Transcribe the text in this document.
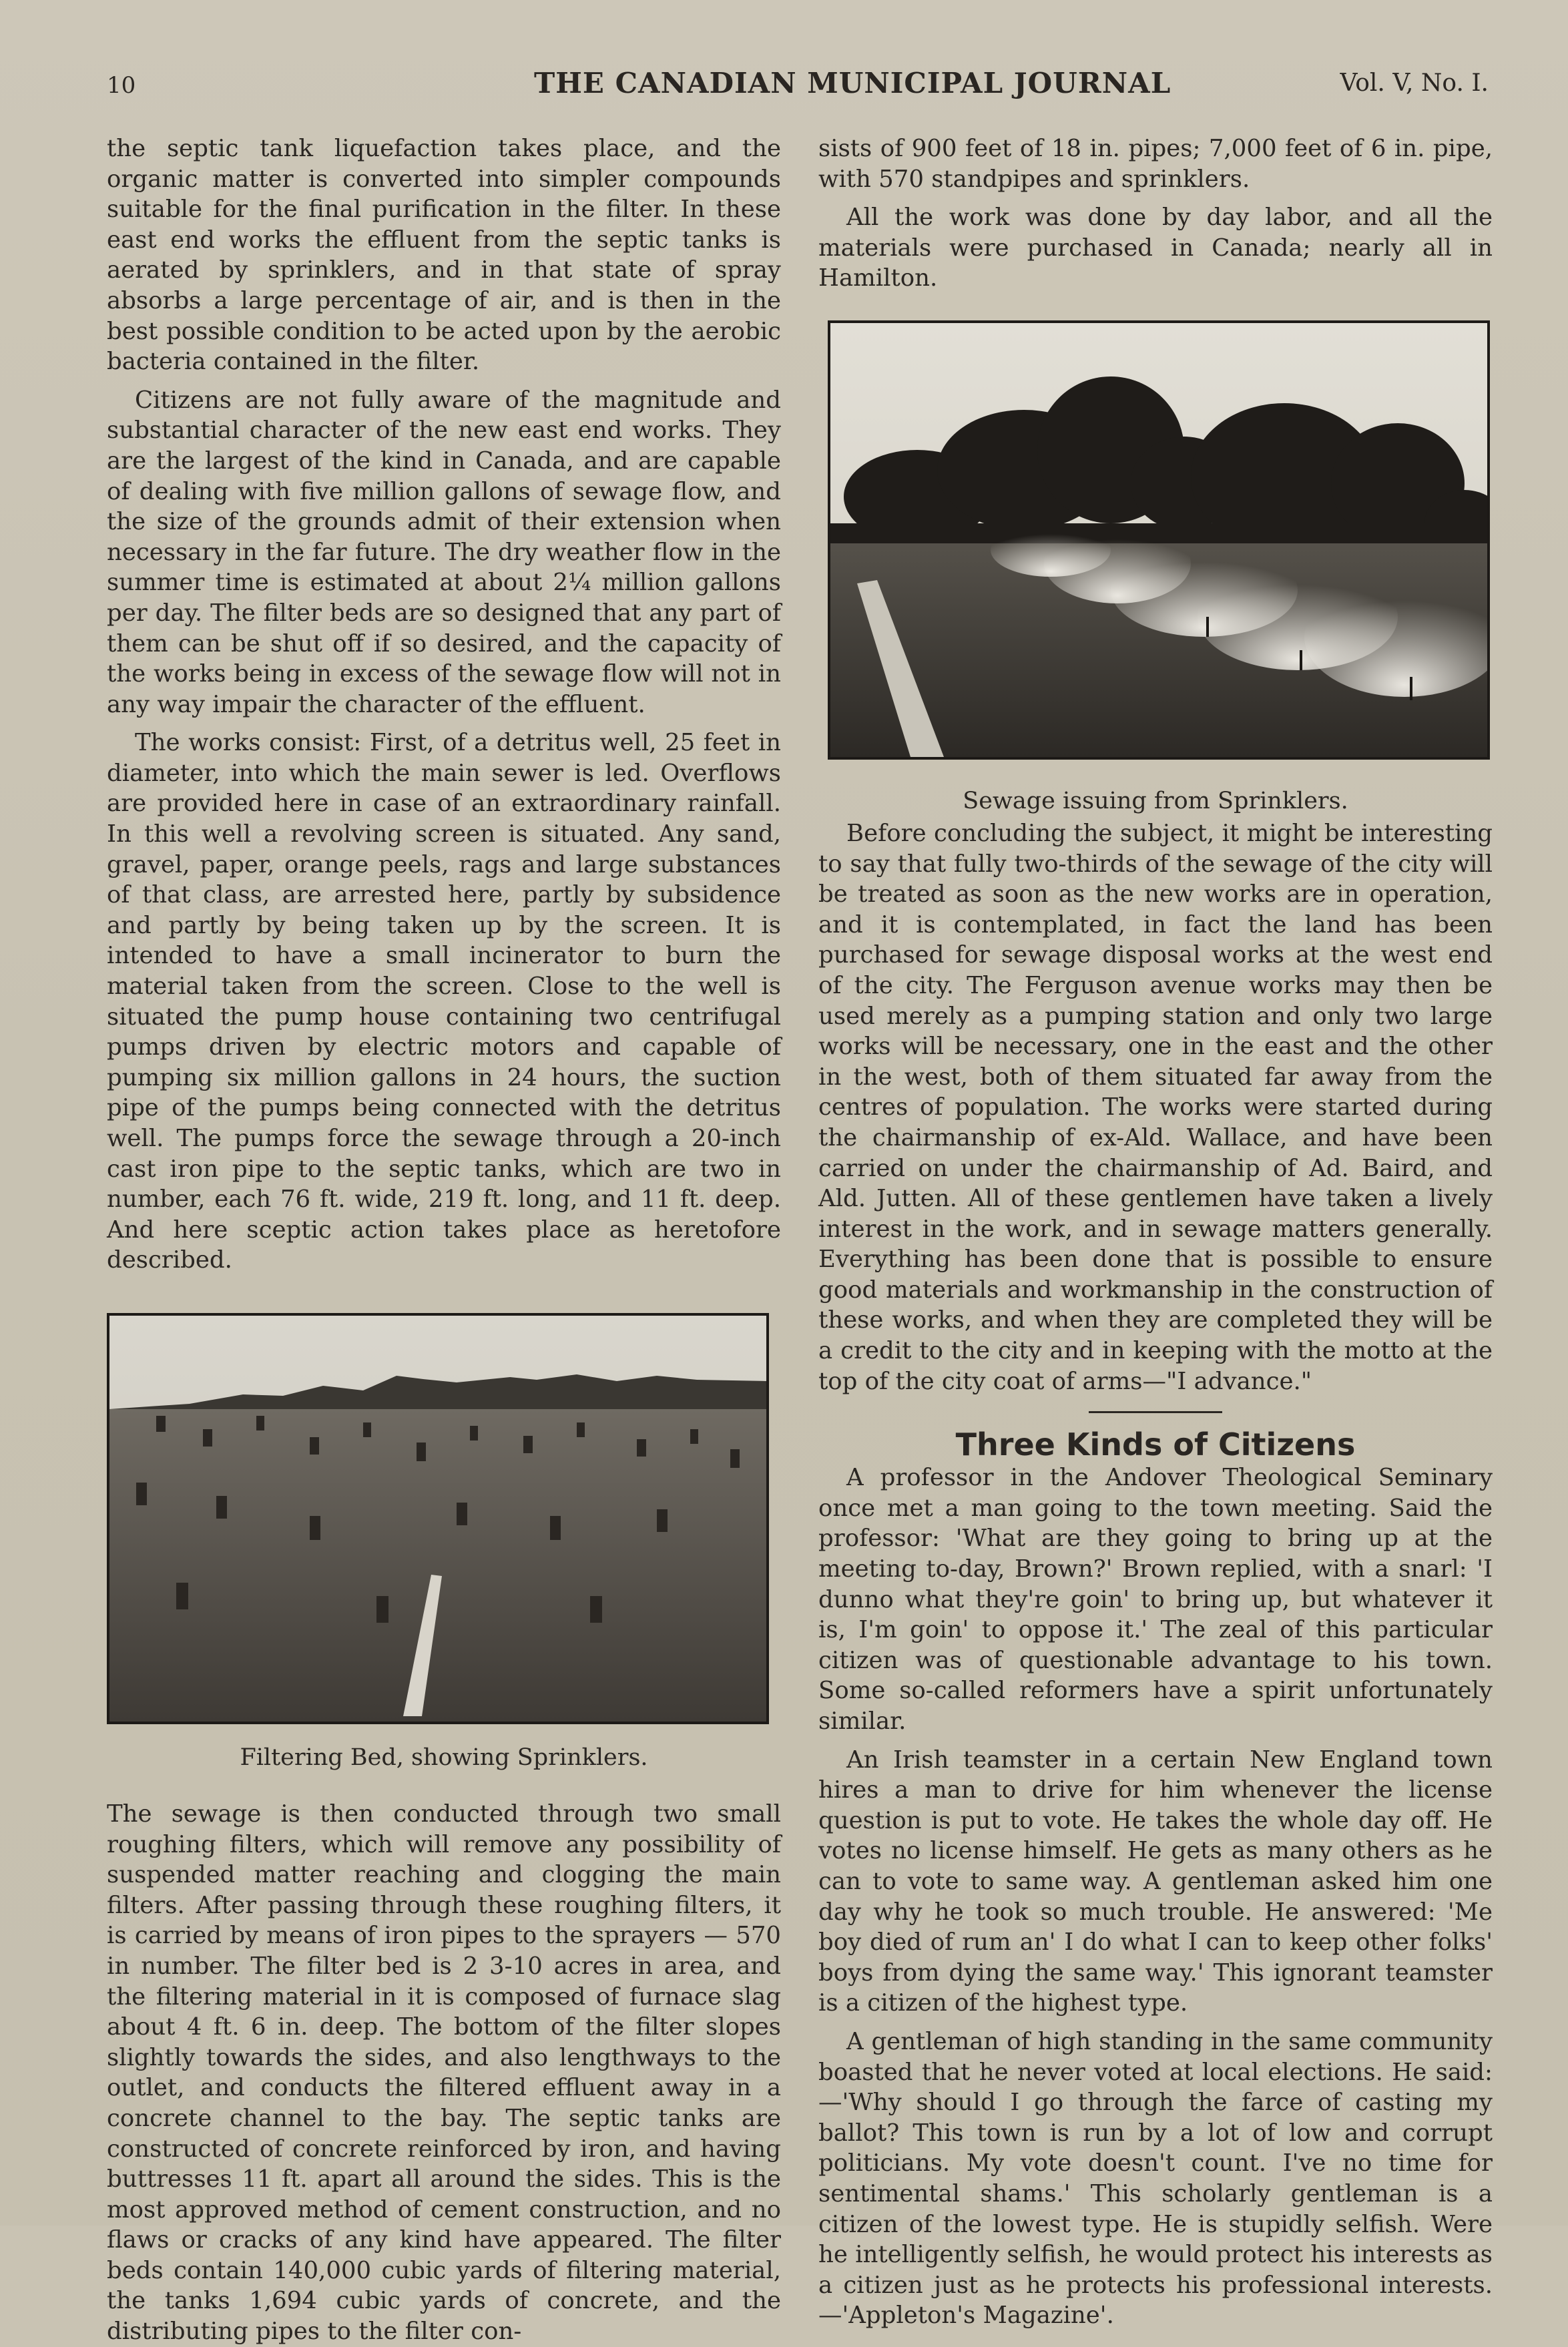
10	THE CANADIAN MUNICIPAL JOURNAL	Vol. V, No. I.

the septic tank liquefaction takes place, and the organic matter is converted into simpler compounds suitable for the final purification in the filter. In these east end works the effluent from the septic tanks is aerated by sprinklers, and in that state of spray absorbs a large percentage of air, and is then in the best possible condition to be acted upon by the aerobic bacteria contained in the filter.

Citizens are not fully aware of the magnitude and substantial character of the new east end works. They are the largest of the kind in Canada, and are capable of dealing with five million gallons of sewage flow, and the size of the grounds admit of their extension when necessary in the far future. The dry weather flow in the summer time is estimated at about 2¼ million gallons per day. The filter beds are so designed that any part of them can be shut off if so desired, and the capacity of the works being in excess of the sewage flow will not in any way impair the character of the effluent.

The works consist: First, of a detritus well, 25 feet in diameter, into which the main sewer is led. Overflows are provided here in case of an extraordinary rainfall. In this well a revolving screen is situated. Any sand, gravel, paper, orange peels, rags and large substances of that class, are arrested here, partly by subsidence and partly by being taken up by the screen. It is intended to have a small incinerator to burn the material taken from the screen. Close to the well is situated the pump house containing two centrifugal pumps driven by electric motors and capable of pumping six million gallons in 24 hours, the suction pipe of the pumps being connected with the detritus well. The pumps force the sewage through a 20-inch cast iron pipe to the septic tanks, which are two in number, each 76 ft. wide, 219 ft. long, and 11 ft. deep. And here sceptic action takes place as heretofore described.

Filtering Bed, showing Sprinklers.

The sewage is then conducted through two small roughing filters, which will remove any possibility of suspended matter reaching and clogging the main filters. After passing through these roughing filters, it is carried by means of iron pipes to the sprayers — 570 in number. The filter bed is 2 3-10 acres in area, and the filtering material in it is composed of furnace slag about 4 ft. 6 in. deep. The bottom of the filter slopes slightly towards the sides, and also lengthways to the outlet, and conducts the filtered effluent away in a concrete channel to the bay. The septic tanks are constructed of concrete reinforced by iron, and having buttresses 11 ft. apart all around the sides. This is the most approved method of cement construction, and no flaws or cracks of any kind have appeared. The filter beds contain 140,000 cubic yards of filtering material, the tanks 1,694 cubic yards of concrete, and the distributing pipes to the filter con-

sists of 900 feet of 18 in. pipes; 7,000 feet of 6 in. pipe, with 570 standpipes and sprinklers.

All the work was done by day labor, and all the materials were purchased in Canada; nearly all in Hamilton.

Sewage issuing from Sprinklers.

Before concluding the subject, it might be interesting to say that fully two-thirds of the sewage of the city will be treated as soon as the new works are in operation, and it is contemplated, in fact the land has been purchased for sewage disposal works at the west end of the city. The Ferguson avenue works may then be used merely as a pumping station and only two large works will be necessary, one in the east and the other in the west, both of them situated far away from the centres of population. The works were started during the chairmanship of ex-Ald. Wallace, and have been carried on under the chairmanship of Ad. Baird, and Ald. Jutten. All of these gentlemen have taken a lively interest in the work, and in sewage matters generally. Everything has been done that is possible to ensure good materials and workmanship in the construction of these works, and when they are completed they will be a credit to the city and in keeping with the motto at the top of the city coat of arms—"I advance."

Three Kinds of Citizens

A professor in the Andover Theological Seminary once met a man going to the town meeting. Said the professor: 'What are they going to bring up at the meeting to-day, Brown?' Brown replied, with a snarl: 'I dunno what they're goin' to bring up, but whatever it is, I'm goin' to oppose it.' The zeal of this particular citizen was of questionable advantage to his town. Some so-called reformers have a spirit unfortunately similar.

An Irish teamster in a certain New England town hires a man to drive for him whenever the license question is put to vote. He takes the whole day off. He votes no license himself. He gets as many others as he can to vote to same way. A gentleman asked him one day why he took so much trouble. He answered: 'Me boy died of rum an' I do what I can to keep other folks' boys from dying the same way.' This ignorant teamster is a citizen of the highest type.

A gentleman of high standing in the same community boasted that he never voted at local elections. He said:—'Why should I go through the farce of casting my ballot? This town is run by a lot of low and corrupt politicians. My vote doesn't count. I've no time for sentimental shams.' This scholarly gentleman is a citizen of the lowest type. He is stupidly selfish. Were he intelligently selfish, he would protect his interests as a citizen just as he protects his professional interests.—'Appleton's Magazine'.
